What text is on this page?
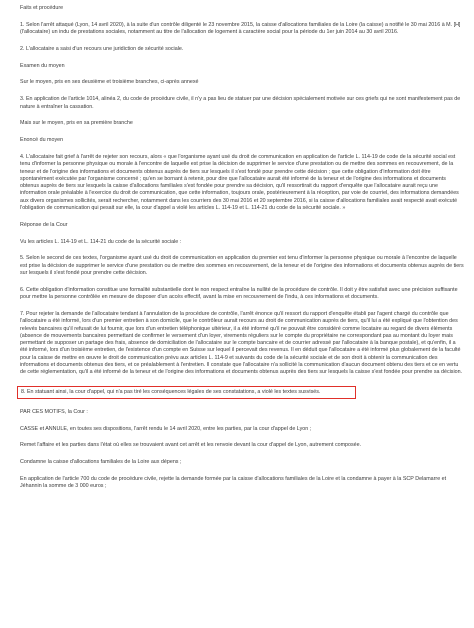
Faits et procédure

1. Selon l'arrêt attaqué (Lyon, 14 avril 2020), à la suite d'un contrôle diligenté le 23 novembre 2015, la caisse d'allocations familiales de la Loire (la caisse) a notifié le 30 mai 2016 à M. [H] (l'allocataire) un indu de prestations sociales, notamment au titre de l'allocation de logement à caractère social pour la période du 1er juin 2014 au 30 avril 2016.

2. L'allocataire a saisi d'un recours une juridiction de sécurité sociale.

Examen du moyen

Sur le moyen, pris en ses deuxième et troisième branches, ci-après annexé

3. En application de l'article 1014, alinéa 2, du code de procédure civile, il n'y a pas lieu de statuer par une décision spécialement motivée sur ces griefs qui ne sont manifestement pas de nature à entraîner la cassation.

Mais sur le moyen, pris en sa première branche

Enoncé du moyen

4. L'allocataire fait grief à l'arrêt de rejeter son recours, alors « que l'organisme ayant usé du droit de communication en application de l'article L. 114-19 de code de la sécurité social est tenu d'informer la personne physique ou morale à l'encontre de laquelle est prise la décision de supprimer le service d'une prestation ou de mettre des sommes en recouvrement, de la teneur et de l'origine des informations et documents obtenus auprès de tiers sur lesquels il s'est fondé pour prendre cette décision ; que cette obligation d'information doit être spontanément exécutée par l'organisme concerné ; qu'en se bornant à retenir, pour dire que l'allocataire aurait été informé de la teneur et de l'origine des informations et documents obtenus auprès de tiers sur lesquels la caisse d'allocations familiales s'est fondée pour prendre sa décision, qu'il ressortirait du rapport d'enquête que l'allocataire aurait reçu une information orale préalable à l'exercice du droit de communication, que cette information, toujours orale, postérieurement à la réception, par voie de courriel, des informations demandées aux divers organismes sollicités, serait rechercher, notamment dans les courriers des 30 mai 2016 et 20 septembre 2016, si la caisse d'allocations familiales avait respecté avait exécuté l'obligation de communication qui pesait sur elle, la cour d'appel a violé les articles L. 114-19 et L. 114-21 du code de la sécurité sociale. »

Réponse de la Cour

Vu les articles L. 114-19 et L. 114-21 du code de la sécurité sociale :

5. Selon le second de ces textes, l'organisme ayant usé du droit de communication en application du premier est tenu d'informer la personne physique ou morale à l'encontre de laquelle est prise la décision de supprimer le service d'une prestation ou de mettre des sommes en recouvrement, de la teneur et de l'origine des informations et documents obtenus auprès de tiers sur lesquels il s'est fondé pour prendre cette décision.

6. Cette obligation d'information constitue une formalité substantielle dont le non respect entraîne la nullité de la procédure de contrôle. Il doit y être satisfait avec une précision suffisante pour mettre la personne contrôlée en mesure de disposer d'un accès effectif, avant la mise en recouvrement de l'indu, à ces informations et documents.

7. Pour rejeter la demande de l'allocataire tendant à l'annulation de la procédure de contrôle, l'arrêt énonce qu'il ressort du rapport d'enquête établi par l'agent chargé du contrôle que l'allocataire a été informé, lors d'un premier entretien à son domicile, que le contrôleur aurait recours au droit de communication auprès de tiers, qu'il lui a été expliqué que l'obtention des relevés bancaires qu'il refusait de lui fournir, que lors d'un entretien téléphonique ultérieur, il a été informé qu'il ne pouvait être considéré comme locataire au regard de divers éléments (absence de mouvements bancaires permettant de confirmer le versement d'un loyer, virements réguliers sur le compte du propriétaire ne correspondant pas au montant du loyer mais permettant de supposer un partage des frais, absence de domiciliation de l'allocataire sur le compte bancaire et de courrier adressé par l'allocataire à la banque postale), et qu'enfin, il a été informé, lors d'un troisième entretien, de l'existence d'un compte en Suisse sur lequel il percevait des revenus. Il en déduit que l'allocataire a été informé plus globalement de la faculté pour la caisse de mettre en œuvre le droit de communication prévu aux articles L. 114-9 et suivants du code de la sécurité sociale et de son droit à obtenir la communication des informations et documents obtenus des tiers, et ce préalablement à l'entretien. Il constate que l'allocataire n'a sollicité la communication d'aucun document obtenu des tiers et ce en vertu de cette réglementation, qu'il a été informé de la teneur et de l'origine des informations et documents obtenus auprès des tiers sur lesquels la caisse s'est fondée pour prendre sa décision.

8. En statuant ainsi, la cour d'appel, qui n'a pas tiré les conséquences légales de ses constatations, a violé les textes susvisés.

PAR CES MOTIFS, la Cour :

CASSE et ANNULE, en toutes ses dispositions, l'arrêt rendu le 14 avril 2020, entre les parties, par la cour d'appel de Lyon ;

Remet l'affaire et les parties dans l'état où elles se trouvaient avant cet arrêt et les renvoie devant la cour d'appel de Lyon, autrement composée.

Condamne la caisse d'allocations familiales de la Loire aux dépens ;

En application de l'article 700 du code de procédure civile, rejette la demande formée par la caisse d'allocations familiales de la Loire et la condamne à payer à la SCP Delamarre et Jéhannin la somme de 3 000 euros ;
